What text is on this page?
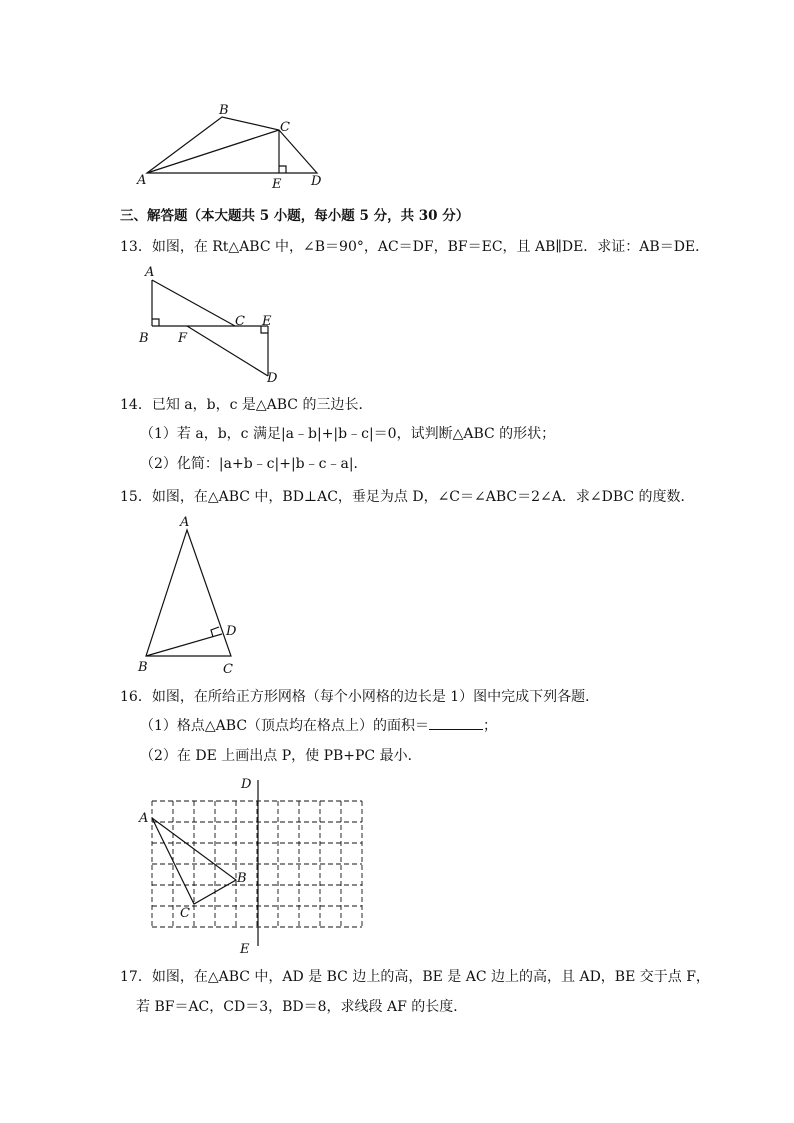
A
B
C
D
E
三、解答题（本大题共 5 小题，每小题 5 分，共 30 分）
13．如图，在 Rt△ABC 中，∠B＝90°，AC＝DF，BF＝EC，且 AB∥DE．求证：AB＝DE．
A
B
C E
F
D
14．已知 a，b，c 是△ABC 的三边长．
（1）若 a，b，c 满足|a﹣b|+|b﹣c|＝0，试判断△ABC 的形状；
（2）化简：|a+b﹣c|+|b﹣c﹣a|．
15．如图，在△ABC 中，BD⊥AC，垂足为点 D，∠C＝∠ABC＝2∠A．求∠DBC 的度数．
A
B	C
D
16．如图，在所给正方形网格（每个小网格的边长是 1）图中完成下列各题．
（1）格点△ABC（顶点均在格点上）的面积＝	；
（2）在 DE 上画出点 P，使 PB+PC 最小．
D
E
A
B
C
17．如图，在△ABC 中，AD 是 BC 边上的高，BE 是 AC 边上的高，且 AD，BE 交于点 F，
若 BF＝AC，CD＝3，BD＝8，求线段 AF 的长度．
